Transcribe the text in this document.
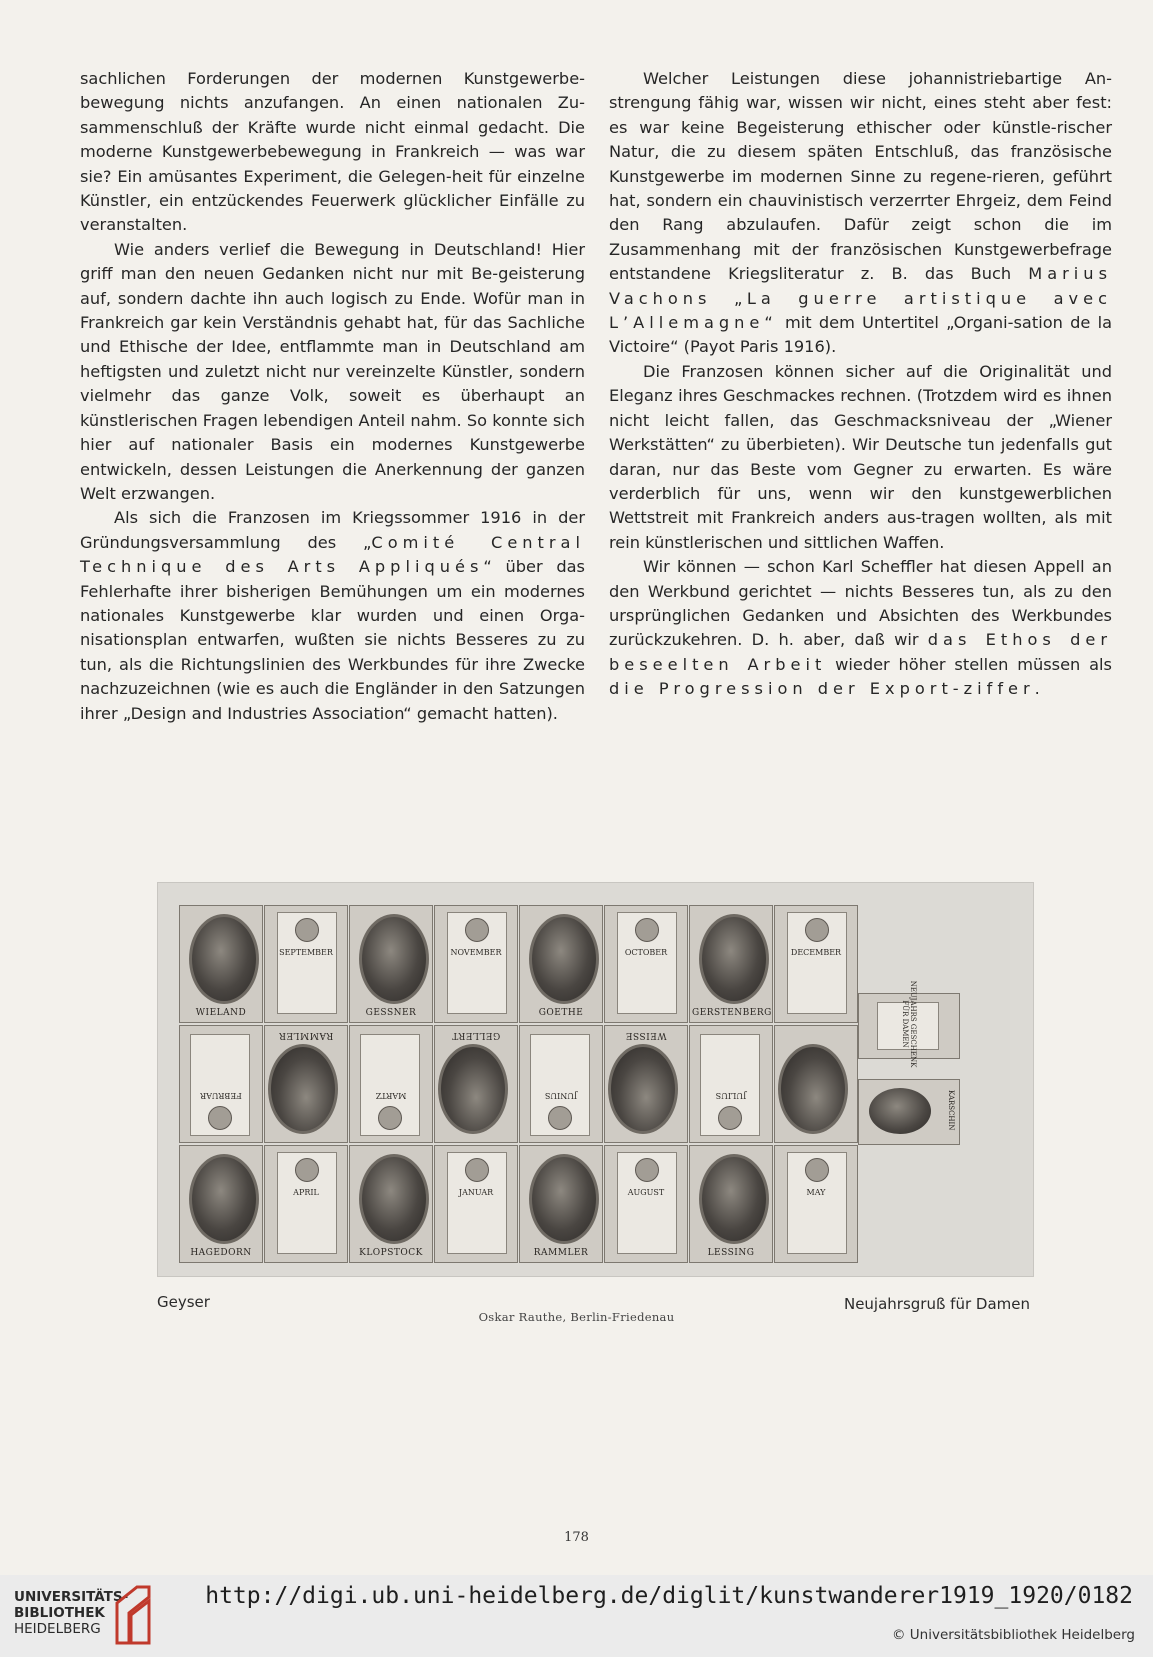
sachlichen Forderungen der modernen Kunstgewerbe-bewegung nichts anzufangen. An einen nationalen Zu-sammenschluß der Kräfte wurde nicht einmal gedacht. Die moderne Kunstgewerbebewegung in Frankreich — was war sie? Ein amüsantes Experiment, die Gelegen-heit für einzelne Künstler, ein entzückendes Feuerwerk glücklicher Einfälle zu veranstalten.

Wie anders verlief die Bewegung in Deutschland! Hier griff man den neuen Gedanken nicht nur mit Be-geisterung auf, sondern dachte ihn auch logisch zu Ende. Wofür man in Frankreich gar kein Verständnis gehabt hat, für das Sachliche und Ethische der Idee, entflammte man in Deutschland am heftigsten und zuletzt nicht nur vereinzelte Künstler, sondern vielmehr das ganze Volk, soweit es überhaupt an künstlerischen Fragen lebendigen Anteil nahm. So konnte sich hier auf nationaler Basis ein modernes Kunstgewerbe entwickeln, dessen Leistungen die Anerkennung der ganzen Welt erzwangen.

Als sich die Franzosen im Kriegssommer 1916 in der Gründungsversammlung des „Comité Central Technique des Arts Appliqués“ über das Fehlerhafte ihrer bisherigen Bemühungen um ein modernes nationales Kunstgewerbe klar wurden und einen Orga-nisationsplan entwarfen, wußten sie nichts Besseres zu zu tun, als die Richtungslinien des Werkbundes für ihre Zwecke nachzuzeichnen (wie es auch die Engländer in den Satzungen ihrer „Design and Industries Association“ gemacht hatten).

Welcher Leistungen diese johannistriebartige An-strengung fähig war, wissen wir nicht, eines steht aber fest: es war keine Begeisterung ethischer oder künstle-rischer Natur, die zu diesem späten Entschluß, das französische Kunstgewerbe im modernen Sinne zu regene-rieren, geführt hat, sondern ein chauvinistisch verzerrter Ehrgeiz, dem Feind den Rang abzulaufen. Dafür zeigt schon die im Zusammenhang mit der französischen Kunstgewerbefrage entstandene Kriegsliteratur z. B. das Buch Marius Vachons „La guerre artistique avec L’Allemagne“ mit dem Untertitel „Organi-sation de la Victoire“ (Payot Paris 1916).

Die Franzosen können sicher auf die Originalität und Eleganz ihres Geschmackes rechnen. (Trotzdem wird es ihnen nicht leicht fallen, das Geschmacksniveau der „Wiener Werkstätten“ zu überbieten). Wir Deutsche tun jedenfalls gut daran, nur das Beste vom Gegner zu erwarten. Es wäre verderblich für uns, wenn wir den kunstgewerblichen Wettstreit mit Frankreich anders aus-tragen wollten, als mit rein künstlerischen und sittlichen Waffen.

Wir können — schon Karl Scheffler hat diesen Appell an den Werkbund gerichtet — nichts Besseres tun, als zu den ursprünglichen Gedanken und Absichten des Werkbundes zurückzukehren. D. h. aber, daß wir das Ethos der beseelten Arbeit wieder höher stellen müssen als die Progression der Export-ziffer.

WIELAND
SEPTEMBER
GESSNER
NOVEMBER
GOETHE
OCTOBER
GERSTENBERG
DECEMBER
FEBRUAR
RAMMLER
MARTZ
GELLERT
JUNIUS
WEISSE
JULIUS
HAGEDORN
APRIL
KLOPSTOCK
JANUAR
RAMMLER
AUGUST
LESSING
MAY
NEUJAHRS GESCHENK FÜR DAMEN
KARSCHIN
Geyser	Neujahrsgruß für Damen
Oskar Rauthe, Berlin-Friedenau
178
UNIVERSITÄTS-
BIBLIOTHEK
HEIDELBERG
http://digi.ub.uni-heidelberg.de/diglit/kunstwanderer1919_1920/0182
© Universitätsbibliothek Heidelberg
